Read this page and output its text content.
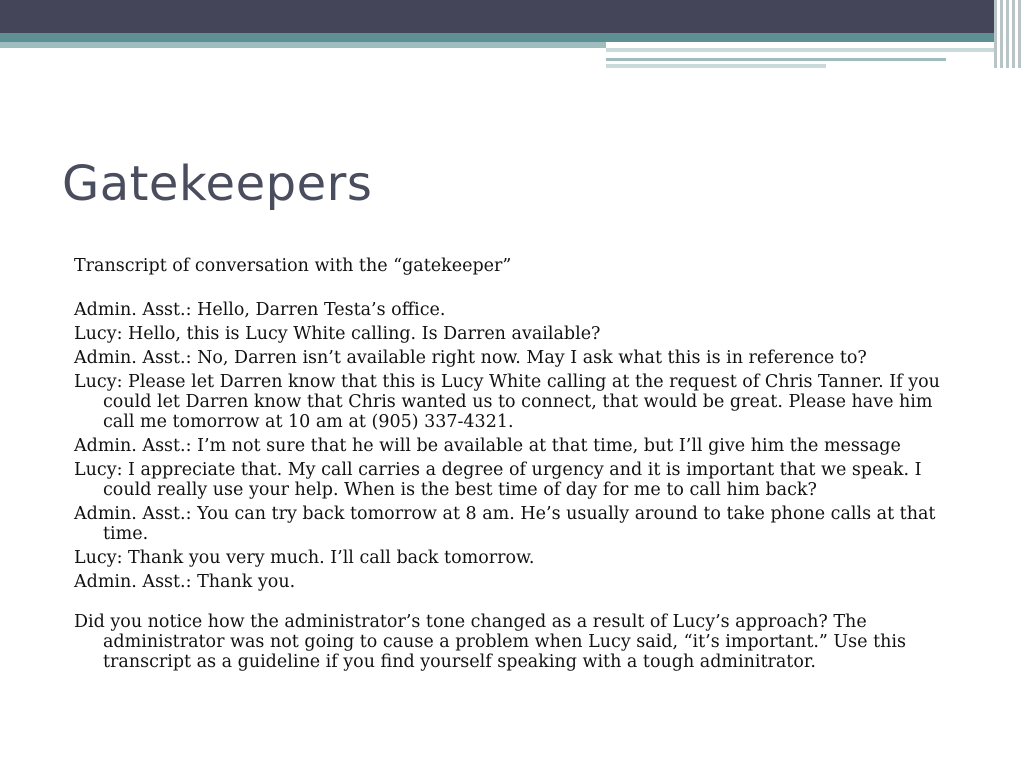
Gatekeepers

Transcript of conversation with the “gatekeeper”

Admin. Asst.: Hello, Darren Testa’s office.

Lucy: Hello, this is Lucy White calling. Is Darren available?

Admin. Asst.: No, Darren isn’t available right now. May I ask what this is in reference to?

Lucy: Please let Darren know that this is Lucy White calling at the request of Chris Tanner. If you could let Darren know that Chris wanted us to connect, that would be great. Please have him call me tomorrow at 10 am at (905) 337-4321.

Admin. Asst.: I’m not sure that he will be available at that time, but I’ll give him the message

Lucy: I appreciate that. My call carries a degree of urgency and it is important that we speak. I could really use your help. When is the best time of day for me to call him back?

Admin. Asst.: You can try back tomorrow at 8 am. He’s usually around to take phone calls at that time.

Lucy: Thank you very much. I’ll call back tomorrow.

Admin. Asst.: Thank you.

Did you notice how the administrator’s tone changed as a result of Lucy’s approach? The administrator was not going to cause a problem when Lucy said, “it’s important.” Use this transcript as a guideline if you find yourself speaking with a tough adminitrator.
